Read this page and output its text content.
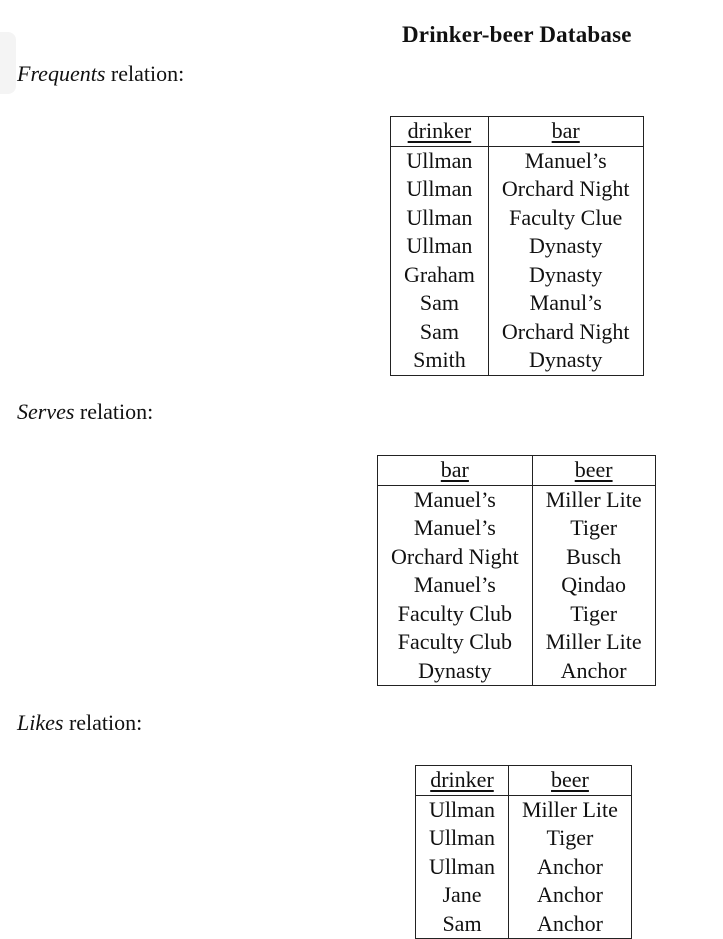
Drinker-beer Database
Frequents relation:
drinker	bar
Ullman	Manuel’s
Ullman	Orchard Night
Ullman	Faculty Clue
Ullman	Dynasty
Graham	Dynasty
Sam	Manul’s
Sam	Orchard Night
Smith	Dynasty
Serves relation:
bar	beer
Manuel’s	Miller Lite
Manuel’s	Tiger
Orchard Night	Busch
Manuel’s	Qindao
Faculty Club	Tiger
Faculty Club	Miller Lite
Dynasty	Anchor
Likes relation:
drinker	beer
Ullman	Miller Lite
Ullman	Tiger
Ullman	Anchor
Jane	Anchor
Sam	Anchor
